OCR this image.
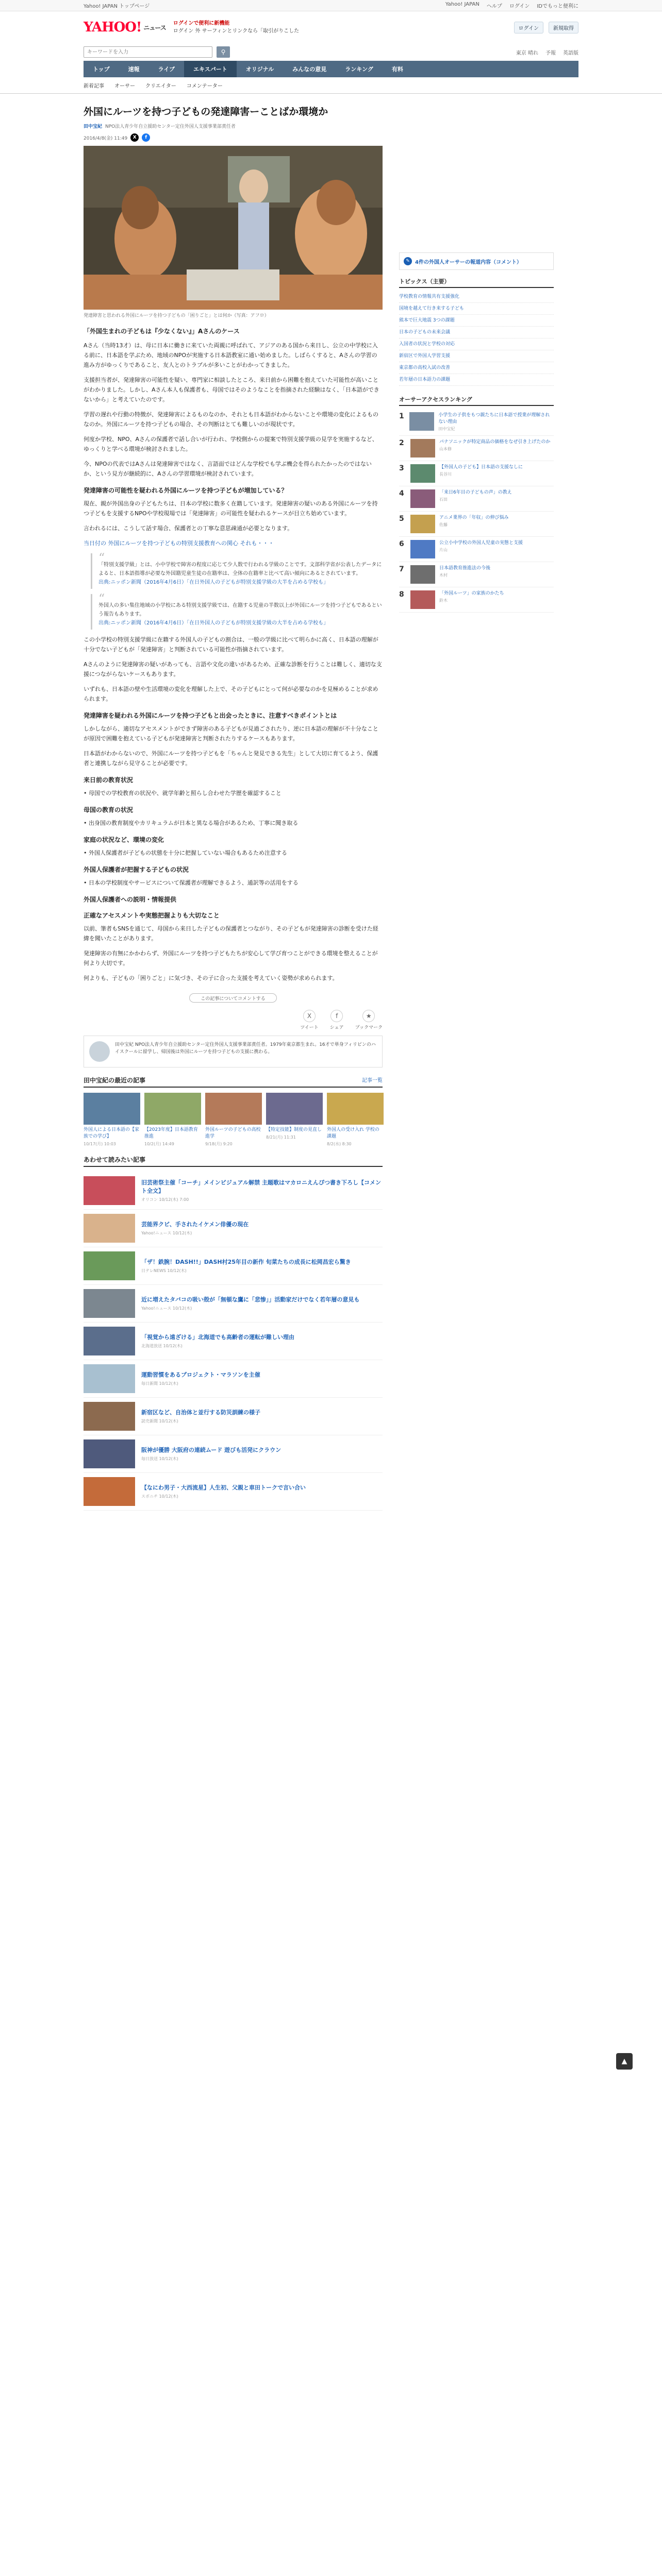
Yahoo! JAPAN トップページ	Yahoo! JAPAN ヘルプ ログイン IDでもっと便利に
YAHOO! ニュース
ログインで便利に新機能
ログイン 外 サーフィンとリンクなら「取引がりこした	ログイン	新規取得
キーワードを入力
⚲	東京 晴れ 予報 英語版
トップ	速報	ライブ	エキスパート	オリジナル	みんなの意見	ランキング	有料
新着記事 オーサー クリエイター コメンテーター
外国にルーツを持つ子どもの発達障害ーことばか環境か
田中宝紀 NPO法人青少年自立援助センター定住外国人支援事業部責任者
2016/4/8(金) 11:49	X	f
発達障害と思われる外国にルーツを持つ子どもの「困りごと」とは何か（写真：アフロ）
「外国生まれの子どもは『少なくない』」Aさんのケース

Aさん（当時13才）は、母に日本に働きに来ていた両親に呼ばれて、アジアのある国から来日し、公立の中学校に入る前に、日本語を学ぶため、地域のNPOが実施する日本語教室に通い始めました。しばらくすると、Aさんの学習の進み方がゆっくりであること、友人とのトラブルが多いことがわかってきました。

支援担当者が、発達障害の可能性を疑い、専門家に相談したところ、来日前から困難を抱えていた可能性が高いことがわかりました。しかし、Aさん本人も保護者も、母国ではそのようなことを指摘された経験はなく、「日本語ができないから」と考えていたのです。

学習の遅れや行動の特徴が、発達障害によるものなのか、それとも日本語がわからないことや環境の変化によるものなのか。外国にルーツを持つ子どもの場合、その判断はとても難しいのが現状です。

何度か学校、NPO、Aさんの保護者で話し合いが行われ、学校側からの提案で特別支援学級の見学を実施するなど、ゆっくりと学べる環境が検討されました。

今、NPOの代表ではAさんは発達障害ではなく、言語面ではどんな学校でも学ぶ機会を得られたかったのではないか、という見方が継続的に、Aさんの学習環境が検討されています。

発達障害の可能性を疑われる外国にルーツを持つ子どもが増加している？

現在、親が外国出身の子どもたちは、日本の学校に数多く在籍しています。発達障害の疑いのある外国にルーツを持つ子どもを支援するNPOや学校現場では「発達障害」の可能性を疑われるケースが目立ち始めています。

言われるには、こうして話す場合、保護者との丁寧な意思疎通が必要となります。

当日付の 外国にルーツを持つ子どもの特別支援教育への関心 それも・・・

“

「特別支援学級」とは、小中学校で障害の程度に応じて少人数で行われる学級のことです。文部科学省が公表したデータによると、日本語指導が必要な外国籍児童生徒の在籍率は、全体の在籍率と比べて高い傾向にあるとされています。

出典:ニッポン新聞（2016年4月6日）「在日外国人の子どもが特別支援学級の大半を占める学校も」

“

外国人の多い集住地域の小学校にある特別支援学級では、在籍する児童の半数以上が外国にルーツを持つ子どもであるという報告もあります。

出典:ニッポン新聞（2016年4月6日）「在日外国人の子どもが特別支援学級の大半を占める学校も」

この小学校の特別支援学級に在籍する外国人の子どもの割合は、一般の学級に比べて明らかに高く、日本語の理解が十分でない子どもが「発達障害」と判断されている可能性が指摘されています。

Aさんのように発達障害の疑いがあっても、言語や文化の違いがあるため、正確な診断を行うことは難しく、適切な支援につながらないケースもあります。

いずれも、日本語の壁や生活環境の変化を理解した上で、その子どもにとって何が必要なのかを見極めることが求められます。

発達障害を疑われる外国にルーツを持つ子どもと出会ったときに、注意すべきポイントとは

しかしながら、適切なアセスメントができず障害のある子どもが見過ごされたり、逆に日本語の理解が不十分なことが原因で困難を抱えている子どもが発達障害と判断されたりするケースもあります。

日本語がわからないので、外国にルーツを持つ子どもを「ちゃんと発見できる先生」として大切に育てるよう、保護者と連携しながら見守ることが必要です。

来日前の教育状況

• 母国での学校教育の状況や、就学年齢と照らし合わせた学歴を確認すること

母国の教育の状況

• 出身国の教育制度やカリキュラムが日本と異なる場合があるため、丁寧に聞き取る

家庭の状況など、環境の変化

• 外国人保護者が子どもの状態を十分に把握していない場合もあるため注意する

外国人保護者が把握する子どもの状況

• 日本の学校制度やサービスについて保護者が理解できるよう、通訳等の活用をする

外国人保護者への説明・情報提供
正確なアセスメントや実態把握よりも大切なこと

以前、筆者もSNSを通じて、母国から来日した子どもの保護者とつながり、その子どもが発達障害の診断を受けた経緯を聞いたことがあります。

発達障害の有無にかかわらず、外国にルーツを持つ子どもたちが安心して学び育つことができる環境を整えることが何より大切です。

何よりも、子どもの「困りごと」に気づき、その子に合った支援を考えていく姿勢が求められます。

この記事についてコメントする
X
ツイート
f
シェア
★
ブックマーク
田中宝紀 NPO法人青少年自立援助センター定住外国人支援事業部責任者。1979年東京都生まれ。16才で単身フィリピンのハイスクールに留学し、帰国後は外国にルーツを持つ子どもの支援に携わる。
田中宝紀の最近の記事	記事一覧
外国人による日本語の【家族での学び】
10/17(月) 10:03
【2023年度】日本語教育推進
10/2(月) 14:49
外国ルーツの子どもの高校進学
9/18(月) 9:20
【特定技能】制度の見直し
8/21(月) 11:31
外国人の受け入れ 学校の課題
8/2(水) 8:30
あわせて読みたい記事
旧芸術祭主催「コーチ」メインビジュアル解禁 主題歌はマカロニえんぴつ書き下ろし【コメント全文】
オリコン 10/12(木) 7:00
芸能界クビ、手されたイケメン俳優の現在
Yahoo!ニュース 10/12(木)
「ザ！鉄腕！DASH!!」DASH村25年目の新作 旬菜たちの成長に松岡昌宏ら驚き
日テレNEWS 10/12(木)
近に増えたタバコの吸い殻が「無頓な鷹に「悲惨」」活動家だけでなく若年層の意見も
Yahoo!ニュース 10/12(木)
「視覚から遠ざける」北海道でも高齢者の運転が難しい理由
北海道放送 10/12(木)
運動習慣をあるプロジェクト・マラソンを主催
毎日新聞 10/12(木)
新宿区など、自治体と並行する防災訓練の様子
読売新聞 10/12(木)
阪神が優勝 大阪府の連続ムード 遊びも活発にクラウン
毎日放送 10/12(木)
【なにわ男子・大西流星】人生初、父親と車田トークで言い合い
スポニチ 10/12(木)
✎	4件の外国人オーサーの報道内容（コメント）
トピックス（主要）
学校教育の情報共有支援強化
国境を越えて行き来する子ども
熊本で巨大地震 3つの課題
日本の子どもの未来会議
入国者の状況と学校の対応
新宿区で外国人学習支援
東京都の高校入試の改善
若年層の日本語力の課題
オーサーアクセスランキング
1	小学生の子供をもつ親たちに日本語で授業が理解されない理由
田中宝紀
2	パナソニックが特定商品の価格をなぜ引き上げたのか
山本修
3	【外国人の子ども】日本語の支援なしに
長谷川
4	「来日6年目の子どもの声」の教え
石田
5	アニメ業界の「年収」の伸び悩み
佐藤
6	公立小中学校の外国人児童の実態と支援
片山
7	日本語教育推進法の今後
木村
8	「外国ルーツ」の家族のかたち
鈴木
▲
